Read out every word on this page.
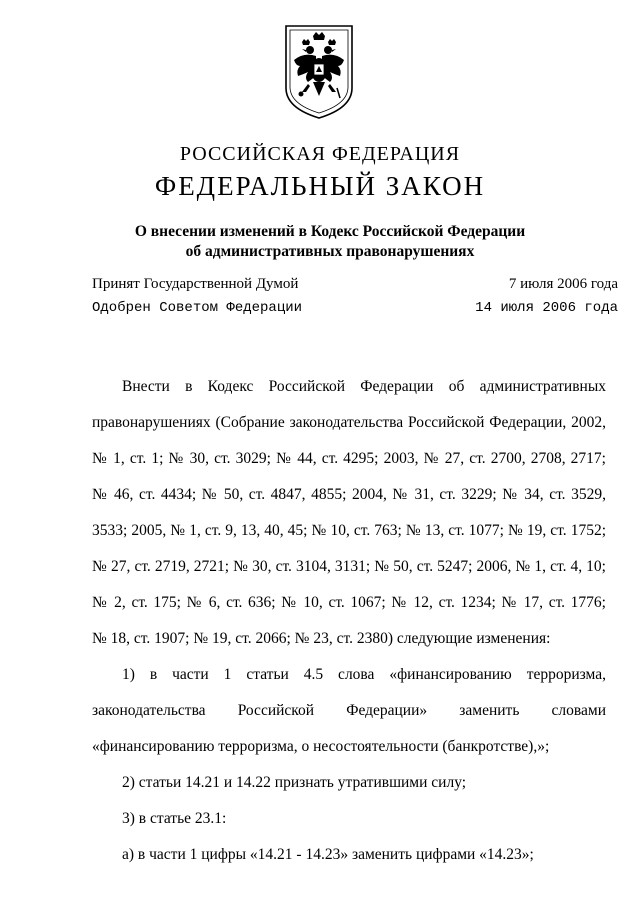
РОССИЙСКАЯ ФЕДЕРАЦИЯ
ФЕДЕРАЛЬНЫЙ ЗАКОН
О внесении изменений в Кодекс Российской Федерации
об административных правонарушениях
Принят Государственной Думой	7 июля 2006 года
Одобрен Советом Федерации	14 июля 2006 года
Внести в Кодекс Российской Федерации об административных
правонарушениях (Собрание законодательства Российской Федерации, 2002,
№ 1, ст. 1; № 30, ст. 3029; № 44, ст. 4295; 2003, № 27, ст. 2700, 2708, 2717;
№ 46, ст. 4434; № 50, ст. 4847, 4855; 2004, № 31, ст. 3229; № 34, ст. 3529,
3533; 2005, № 1, ст. 9, 13, 40, 45; № 10, ст. 763; № 13, ст. 1077; № 19, ст. 1752;
№ 27, ст. 2719, 2721; № 30, ст. 3104, 3131; № 50, ст. 5247; 2006, № 1, ст. 4, 10;
№ 2, ст. 175; № 6, ст. 636; № 10, ст. 1067; № 12, ст. 1234; № 17, ст. 1776;
№ 18, ст. 1907; № 19, ст. 2066; № 23, ст. 2380) следующие изменения:
1) в части 1 статьи 4.5 слова «финансированию терроризма,
законодательства Российской Федерации» заменить словами
«финансированию терроризма, о несостоятельности (банкротстве),»;
2) статьи 14.21 и 14.22 признать утратившими силу;
3) в статье 23.1:
а) в части 1 цифры «14.21 - 14.23» заменить цифрами «14.23»;
